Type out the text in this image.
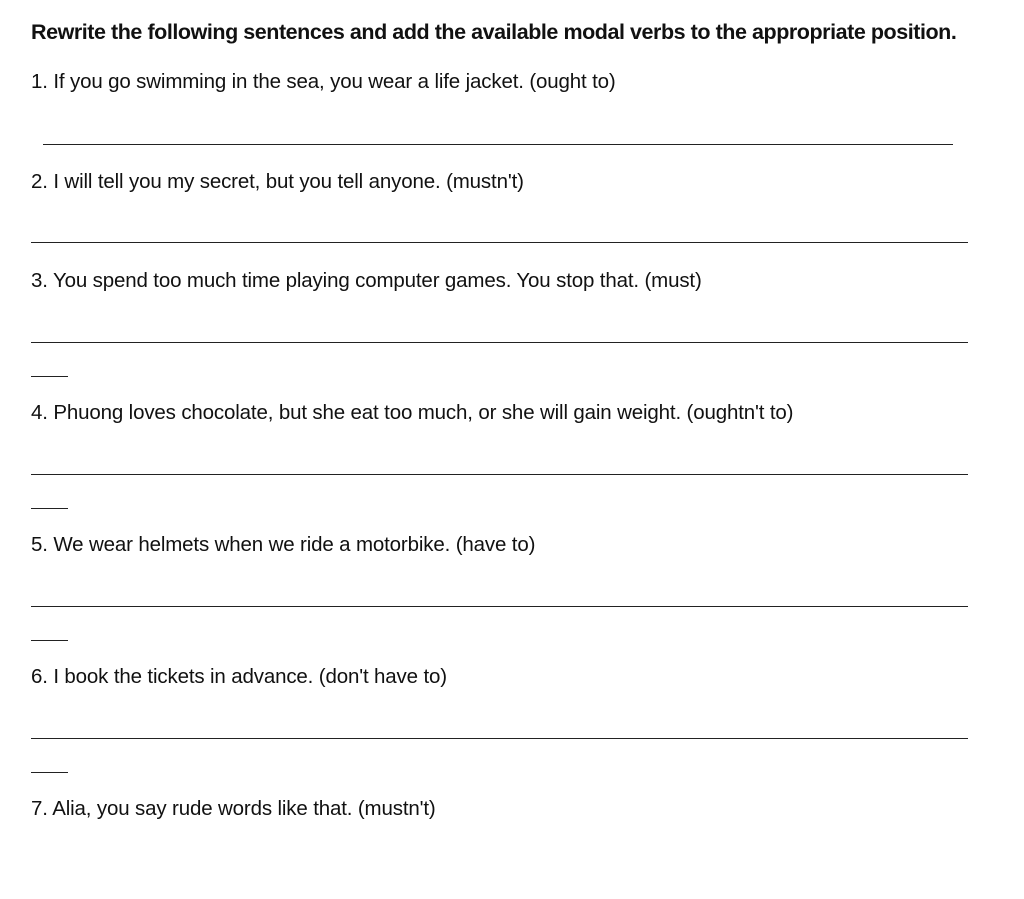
Rewrite the following sentences and add the available modal verbs to the appropriate position.
1. If you go swimming in the sea, you wear a life jacket. (ought to)
2. I will tell you my secret, but you tell anyone. (mustn't)
3. You spend too much time playing computer games. You stop that. (must)
4. Phuong loves chocolate, but she eat too much, or she will gain weight. (oughtn't to)
5. We wear helmets when we ride a motorbike. (have to)
6. I book the tickets in advance. (don't have to)
7. Alia, you say rude words like that. (mustn't)
